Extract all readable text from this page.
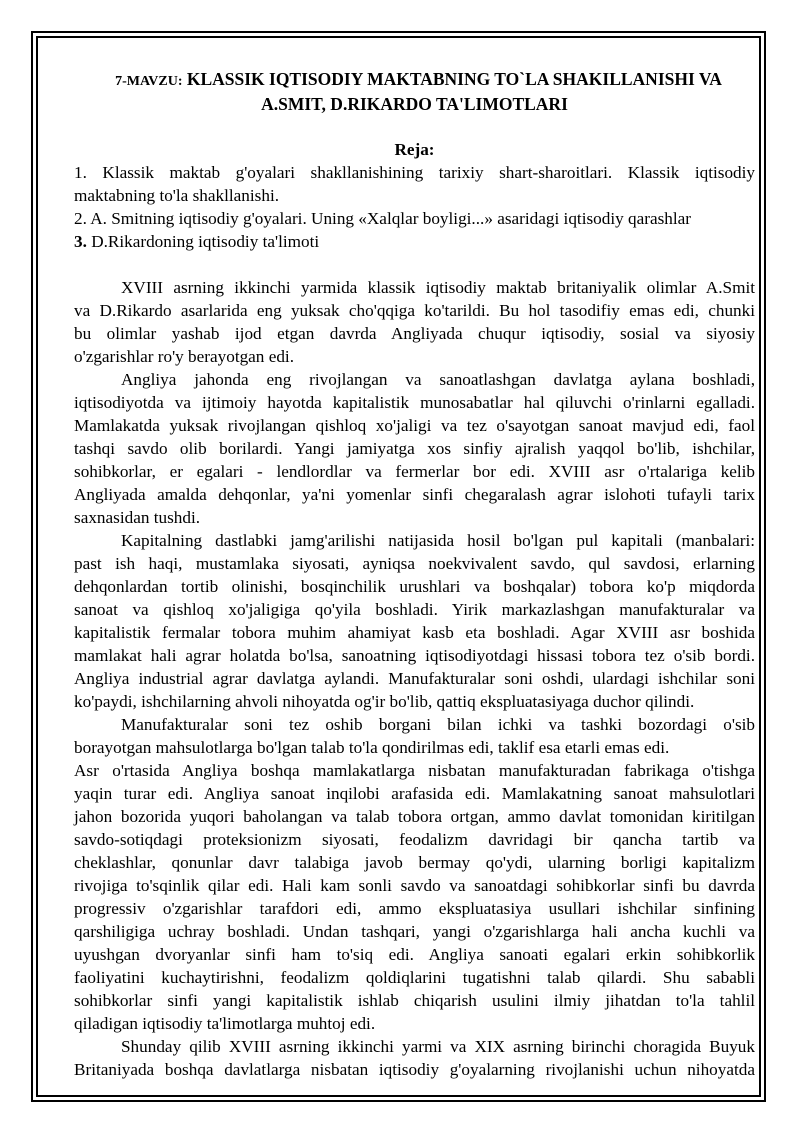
7-MAVZU: KLASSIK IQTISODIY MAKTABNING TO`LA SHAKILLANISHI VA
A.SMIT, D.RIKARDO TA'LIMOTLARI
Reja:
1. Klassik maktab g'oyalari shakllanishining tarixiy shart-sharoitlari. Klassik iqtisodiy
maktabning to'la shakllanishi.
2. A. Smitning iqtisodiy g'oyalari. Uning «Xalqlar boyligi...» asaridagi iqtisodiy qarashlar
3. D.Rikardoning iqtisodiy ta'limoti
XVIII asrning ikkinchi yarmida klassik iqtisodiy maktab britaniyalik olimlar A.Smit
va D.Rikardo asarlarida eng yuksak cho'qqiga ko'tarildi. Bu hol tasodifiy emas edi, chunki
bu olimlar yashab ijod etgan davrda Angliyada chuqur iqtisodiy, sosial va siyosiy
o'zgarishlar ro'y berayotgan edi.
Angliya jahonda eng rivojlangan va sanoatlashgan davlatga aylana boshladi,
iqtisodiyotda va ijtimoiy hayotda kapitalistik munosabatlar hal qiluvchi o'rinlarni egalladi.
Mamlakatda yuksak rivojlangan qishloq xo'jaligi va tez o'sayotgan sanoat mavjud edi, faol
tashqi savdo olib borilardi. Yangi jamiyatga xos sinfiy ajralish yaqqol bo'lib, ishchilar,
sohibkorlar, er egalari - lendlordlar va fermerlar bor edi. XVIII asr o'rtalariga kelib
Angliyada amalda dehqonlar, ya'ni yomenlar sinfi chegaralash agrar islohoti tufayli tarix
saxnasidan tushdi.
Kapitalning dastlabki jamg'arilishi natijasida hosil bo'lgan pul kapitali (manbalari:
past ish haqi, mustamlaka siyosati, ayniqsa noekvivalent savdo, qul savdosi, erlarning
dehqonlardan tortib olinishi, bosqinchilik urushlari va boshqalar) tobora ko'p miqdorda
sanoat va qishloq xo'jaligiga qo'yila boshladi. Yirik markazlashgan manufakturalar va
kapitalistik fermalar tobora muhim ahamiyat kasb eta boshladi. Agar XVIII asr boshida
mamlakat hali agrar holatda bo'lsa, sanoatning iqtisodiyotdagi hissasi tobora tez o'sib bordi.
Angliya industrial agrar davlatga aylandi. Manufakturalar soni oshdi, ulardagi ishchilar soni
ko'paydi, ishchilarning ahvoli nihoyatda og'ir bo'lib, qattiq ekspluatasiyaga duchor qilindi.
Manufakturalar soni tez oshib borgani bilan ichki va tashki bozordagi o'sib
borayotgan mahsulotlarga bo'lgan talab to'la qondirilmas edi, taklif esa etarli emas edi.
Asr o'rtasida Angliya boshqa mamlakatlarga nisbatan manufakturadan fabrikaga o'tishga
yaqin turar edi. Angliya sanoat inqilobi arafasida edi. Mamlakatning sanoat mahsulotlari
jahon bozorida yuqori baholangan va talab tobora ortgan, ammo davlat tomonidan kiritilgan
savdo-sotiqdagi proteksionizm siyosati, feodalizm davridagi bir qancha tartib va
cheklashlar, qonunlar davr talabiga javob bermay qo'ydi, ularning borligi kapitalizm
rivojiga to'sqinlik qilar edi. Hali kam sonli savdo va sanoatdagi sohibkorlar sinfi bu davrda
progressiv o'zgarishlar tarafdori edi, ammo ekspluatasiya usullari ishchilar sinfining
qarshiligiga uchray boshladi. Undan tashqari, yangi o'zgarishlarga hali ancha kuchli va
uyushgan dvoryanlar sinfi ham to'siq edi. Angliya sanoati egalari erkin sohibkorlik
faoliyatini kuchaytirishni, feodalizm qoldiqlarini tugatishni talab qilardi. Shu sababli
sohibkorlar sinfi yangi kapitalistik ishlab chiqarish usulini ilmiy jihatdan to'la tahlil
qiladigan iqtisodiy ta'limotlarga muhtoj edi.
Shunday qilib XVIII asrning ikkinchi yarmi va XIX asrning birinchi choragida Buyuk
Britaniyada boshqa davlatlarga nisbatan iqtisodiy g'oyalarning rivojlanishi uchun nihoyatda
